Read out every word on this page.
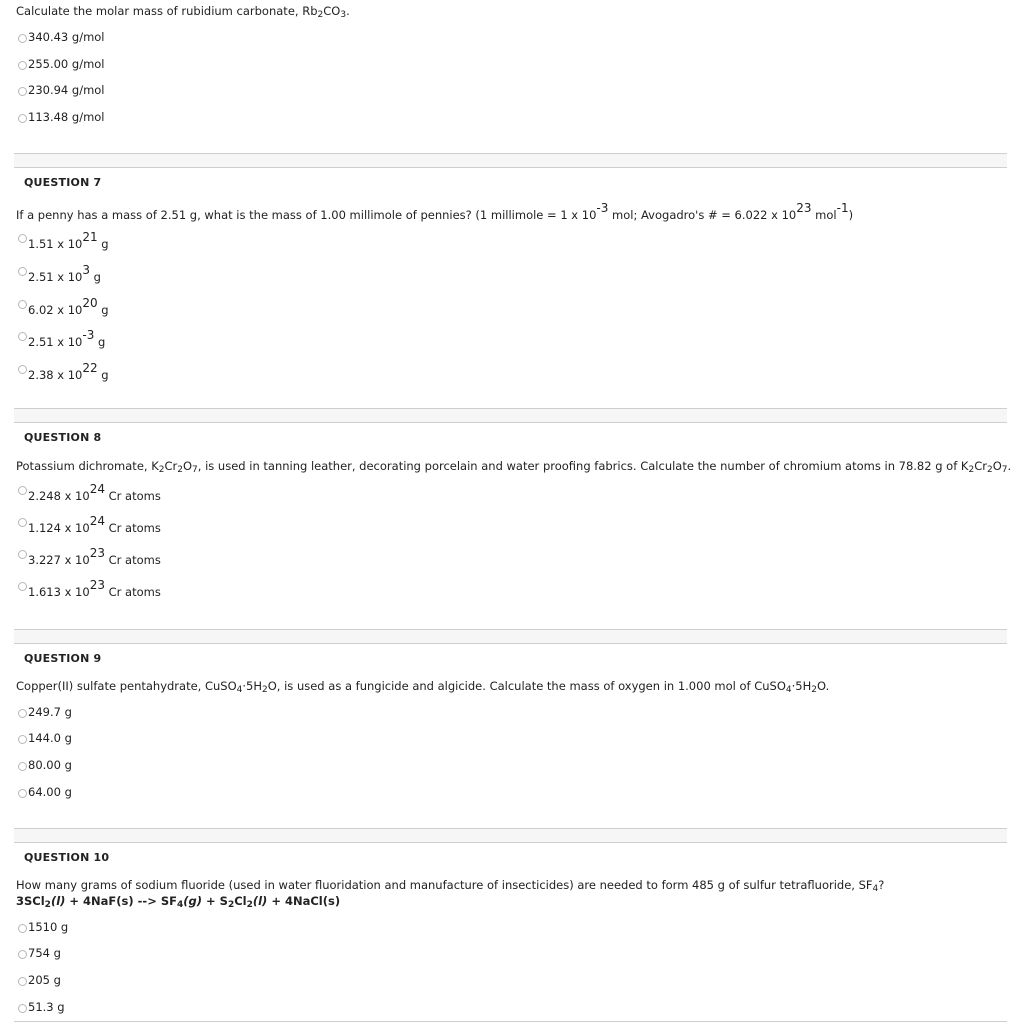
Calculate the molar mass of rubidium carbonate, $Rb_2CO_3$.
340.43 g/mol
255.00 g/mol
230.94 g/mol
113.48 g/mol
QUESTION 7
If a penny has a mass of 2.51 g, what is the mass of 1.00 millimole of pennies? (1 millimole = 1 x $10^{-3}$ mol; Avogadro's # = 6.022 x $10^{23}$ mol$^{-1}$)
1.51 x $10^{21}$ g
2.51 x $10^3$ g
6.02 x $10^{20}$ g
2.51 x $10^{-3}$ g
2.38 x $10^{22}$ g
QUESTION 8
Potassium dichromate, $K_2Cr_2O_7$, is used in tanning leather, decorating porcelain and water proofing fabrics. Calculate the number of chromium atoms in 78.82 g of $K_2Cr_2O_7$.
2.248 x $10^{24}$ Cr atoms
1.124 x $10^{24}$ Cr atoms
3.227 x $10^{23}$ Cr atoms
1.613 x $10^{23}$ Cr atoms
QUESTION 9
Copper(II) sulfate pentahydrate, $CuSO_4\cdot 5H_2O$, is used as a fungicide and algicide. Calculate the mass of oxygen in 1.000 mol of $CuSO_4\cdot 5H_2O$.
249.7 g
144.0 g
80.00 g
64.00 g
QUESTION 10
How many grams of sodium fluoride (used in water fluoridation and manufacture of insecticides) are needed to form 485 g of sulfur tetrafluoride, $SF_4$?
3SCl$_2$(l) + 4NaF(s) --> $SF_4(g) + S_2Cl_2(l)$ + 4NaCl(s)
1510 g
754 g
205 g
51.3 g
